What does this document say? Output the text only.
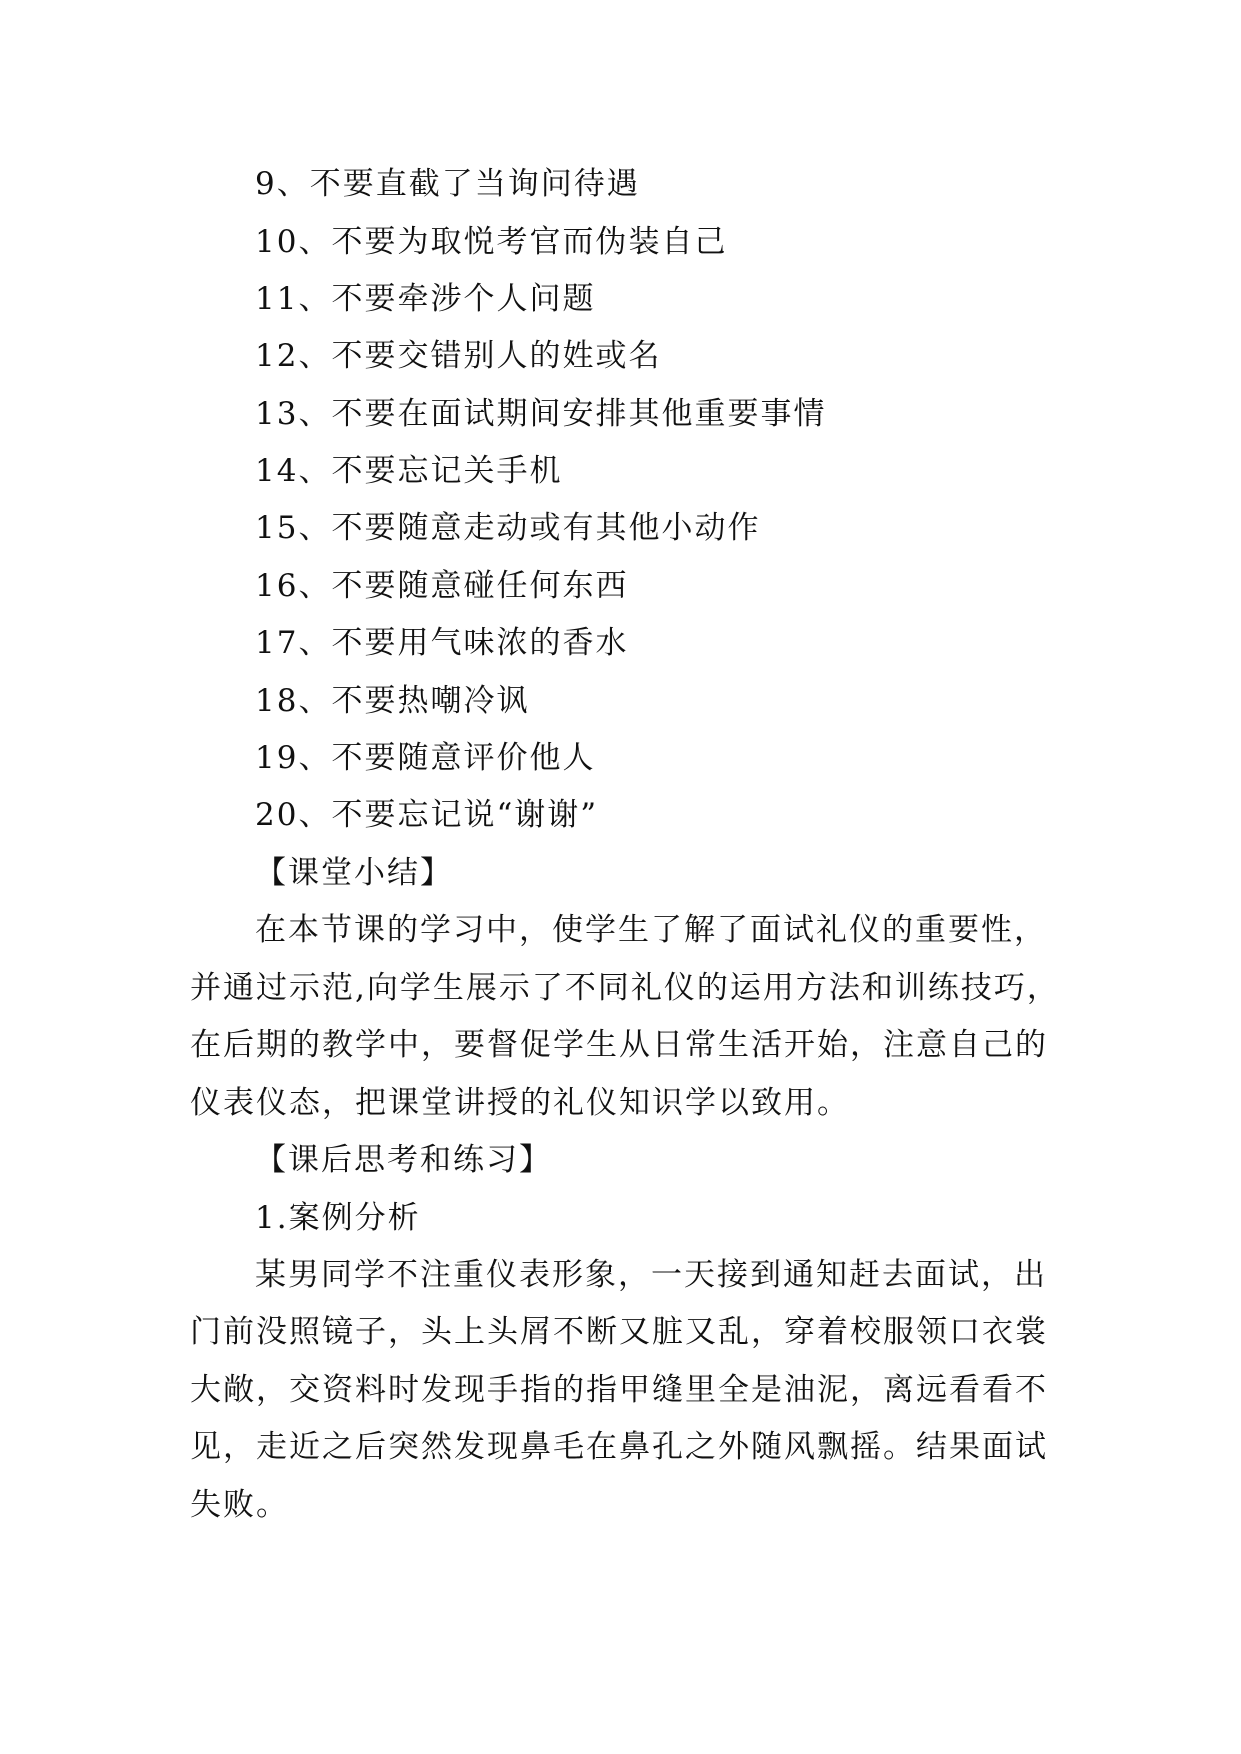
9、不要直截了当询问待遇
10、不要为取悦考官而伪装自己
11、不要牵涉个人问题
12、不要交错别人的姓或名
13、不要在面试期间安排其他重要事情
14、不要忘记关手机
15、不要随意走动或有其他小动作
16、不要随意碰任何东西
17、不要用气味浓的香水
18、不要热嘲冷讽
19、不要随意评价他人
20、不要忘记说“谢谢”
【课堂小结】
在本节课的学习中，使学生了解了面试礼仪的重要性，
并通过示范,向学生展示了不同礼仪的运用方法和训练技巧，
在后期的教学中，要督促学生从日常生活开始，注意自己的
仪表仪态，把课堂讲授的礼仪知识学以致用。
【课后思考和练习】
1.案例分析
某男同学不注重仪表形象，一天接到通知赶去面试，出
门前没照镜子，头上头屑不断又脏又乱，穿着校服领口衣裳
大敞，交资料时发现手指的指甲缝里全是油泥，离远看看不
见，走近之后突然发现鼻毛在鼻孔之外随风飘摇。结果面试
失败。
